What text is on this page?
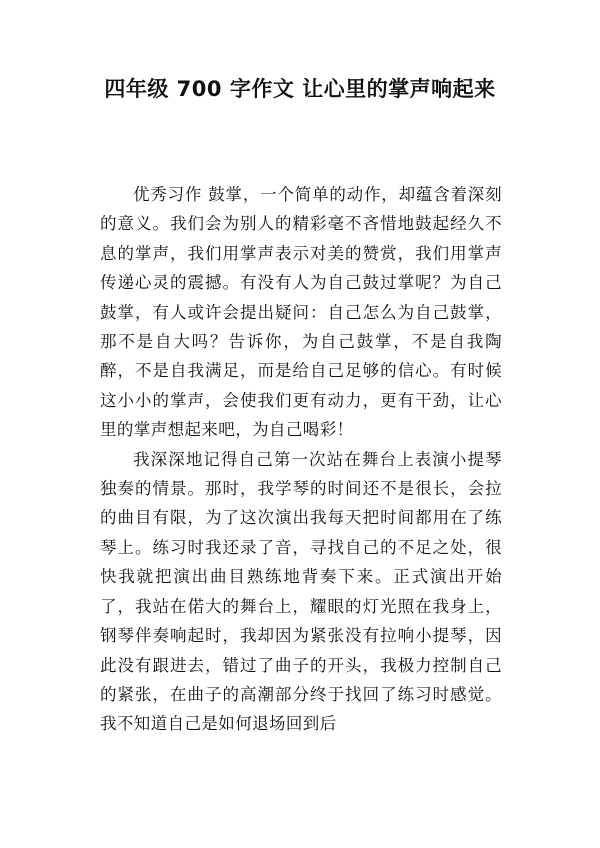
四年级 700 字作文 让心里的掌声响起来

优秀习作 鼓掌，一个简单的动作，却蕴含着深刻的意义。我们会为别人的精彩毫不吝惜地鼓起经久不息的掌声，我们用掌声表示对美的赞赏，我们用掌声传递心灵的震撼。有没有人为自己鼓过掌呢？为自己鼓掌，有人或许会提出疑问：自己怎么为自己鼓掌，那不是自大吗？告诉你，为自己鼓掌，不是自我陶醉，不是自我满足，而是给自己足够的信心。有时候这小小的掌声，会使我们更有动力，更有干劲，让心里的掌声想起来吧，为自己喝彩！

我深深地记得自己第一次站在舞台上表演小提琴独奏的情景。那时，我学琴的时间还不是很长，会拉的曲目有限，为了这次演出我每天把时间都用在了练琴上。练习时我还录了音，寻找自己的不足之处，很快我就把演出曲目熟练地背奏下来。正式演出开始了，我站在偌大的舞台上，耀眼的灯光照在我身上，钢琴伴奏响起时，我却因为紧张没有拉响小提琴，因此没有跟进去，错过了曲子的开头，我极力控制自己的紧张，在曲子的高潮部分终于找回了练习时感觉。我不知道自己是如何退场回到后
